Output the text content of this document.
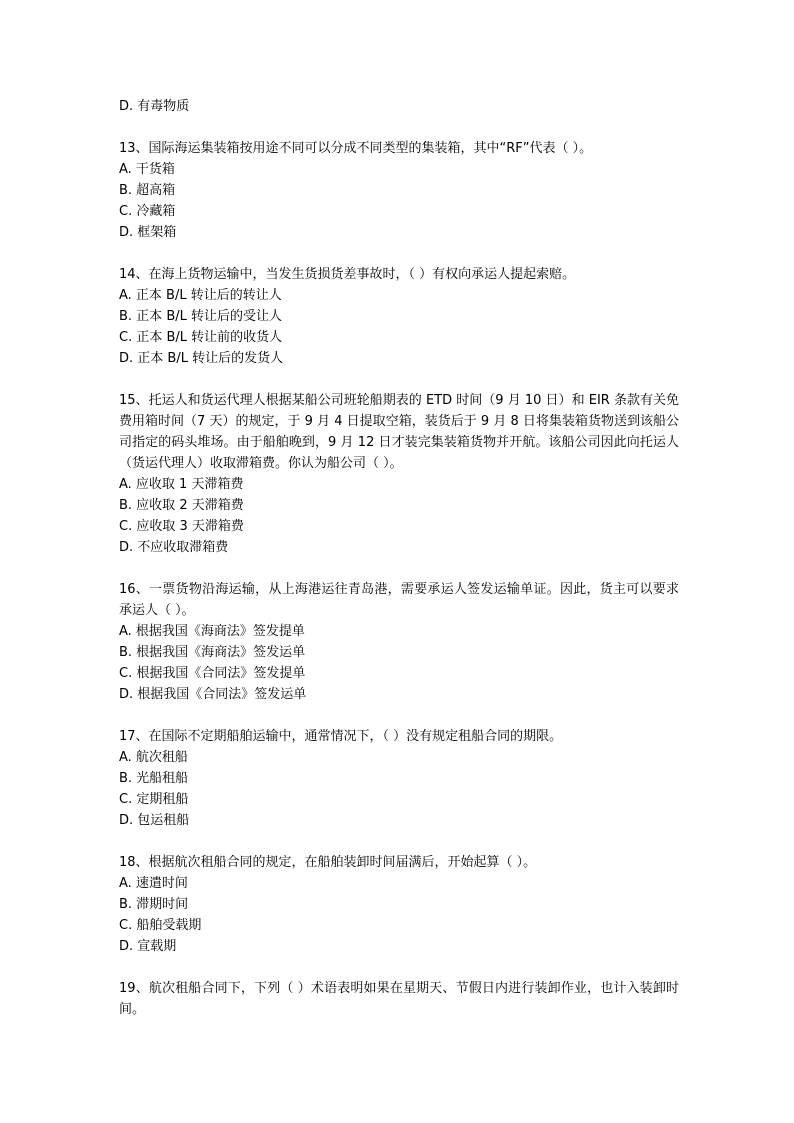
D. 有毒物质
13、国际海运集装箱按用途不同可以分成不同类型的集装箱，其中“RF”代表（ ）。
A. 干货箱
B. 超高箱
C. 冷藏箱
D. 框架箱
14、在海上货物运输中，当发生货损货差事故时，（ ）有权向承运人提起索赔。
A. 正本 B/L 转让后的转让人
B. 正本 B/L 转让后的受让人
C. 正本 B/L 转让前的收货人
D. 正本 B/L 转让后的发货人
15、托运人和货运代理人根据某船公司班轮船期表的 ETD 时间（9 月 10 日）和 EIR 条款有关免费用箱时间（7 天）的规定，于 9 月 4 日提取空箱，装货后于 9 月 8 日将集装箱货物送到该船公司指定的码头堆场。由于船舶晚到，9 月 12 日才装完集装箱货物并开航。该船公司因此向托运人（货运代理人）收取滞箱费。你认为船公司（ ）。
A. 应收取 1 天滞箱费
B. 应收取 2 天滞箱费
C. 应收取 3 天滞箱费
D. 不应收取滞箱费
16、一票货物沿海运输，从上海港运往青岛港，需要承运人签发运输单证。因此，货主可以要求承运人（ ）。
A. 根据我国《海商法》签发提单
B. 根据我国《海商法》签发运单
C. 根据我国《合同法》签发提单
D. 根据我国《合同法》签发运单
17、在国际不定期船舶运输中，通常情况下，（ ）没有规定租船合同的期限。
A. 航次租船
B. 光船租船
C. 定期租船
D. 包运租船
18、根据航次租船合同的规定，在船舶装卸时间届满后，开始起算（ ）。
A. 速遣时间
B. 滞期时间
C. 船舶受载期
D. 宣载期
19、航次租船合同下，下列（ ）术语表明如果在星期天、节假日内进行装卸作业，也计入装卸时间。
